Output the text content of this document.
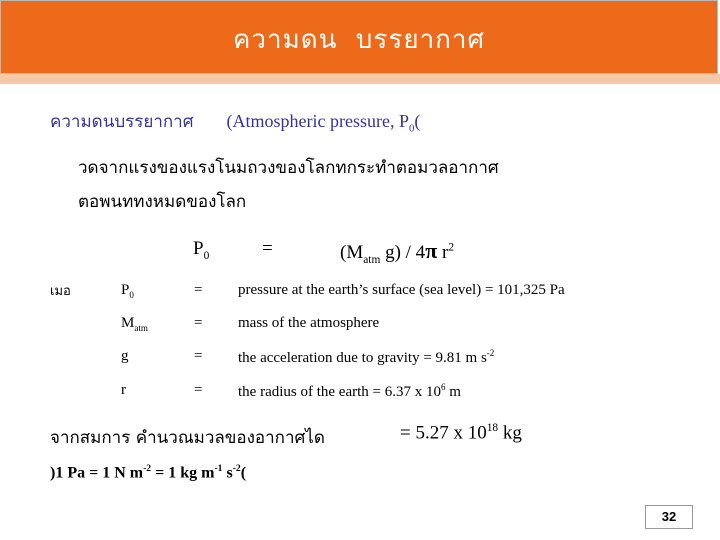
ความดน  บรรยากาศ
ความดนบรรยากาศ (Atmospheric pressure, $P_0$(
วดจากแรงของแรงโนมถวงของโลกทกระทำตอมวลอากาศ
ตอพนททงหมดของโลก
$P_0$	=	($M_{atm}$ g) / 4π $r^2$
เมอ	$P_0$	= pressure at the earth’s surface (sea level) = 101,325 Pa
$M_{atm}$	= mass of the atmosphere
g	= the acceleration due to gravity = 9.81 m $s^{-2}$
r	= the radius of the earth = 6.37 x $10^6$ m
จากสมการ คำนวณมวลของอากาศได	= 5.27 x $10^{18}$ kg
)1 Pa = 1 N $m^{-2} = 1$ kg $m^{-1}$ $s^{-2}$(
32
